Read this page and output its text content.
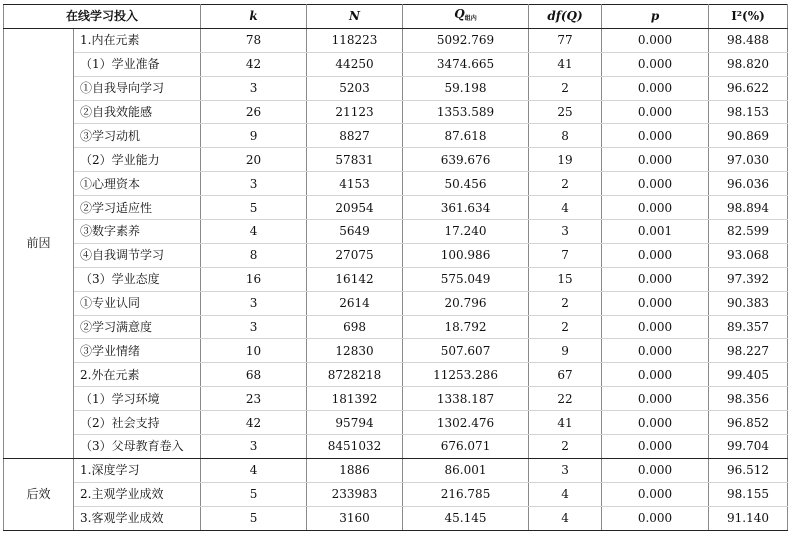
在线学习投入		k	N	$Q_{组内}$	df(Q)	p	I²(%)
前因	1.内在元素	78	118223	5092.769	77	0.000	98.488
	（1）学业准备	42	44250	3474.665	41	0.000	98.820
	①自我导向学习	3	5203	59.198	2	0.000	96.622
	②自我效能感	26	21123	1353.589	25	0.000	98.153
	③学习动机	9	8827	87.618	8	0.000	90.869
	（2）学业能力	20	57831	639.676	19	0.000	97.030
	①心理资本	3	4153	50.456	2	0.000	96.036
	②学习适应性	5	20954	361.634	4	0.000	98.894
	③数字素养	4	5649	17.240	3	0.001	82.599
	④自我调节学习	8	27075	100.986	7	0.000	93.068
	（3）学业态度	16	16142	575.049	15	0.000	97.392
	①专业认同	3	2614	20.796	2	0.000	90.383
	②学习满意度	3	698	18.792	2	0.000	89.357
	③学业情绪	10	12830	507.607	9	0.000	98.227
	2.外在元素	68	8728218	11253.286	67	0.000	99.405
	（1）学习环境	23	181392	1338.187	22	0.000	98.356
	（2）社会支持	42	95794	1302.476	41	0.000	96.852
	（3）父母教育卷入	3	8451032	676.071	2	0.000	99.704
后效	1.深度学习	4	1886	86.001	3	0.000	96.512
	2.主观学业成效	5	233983	216.785	4	0.000	98.155
	3.客观学业成效	5	3160	45.145	4	0.000	91.140
